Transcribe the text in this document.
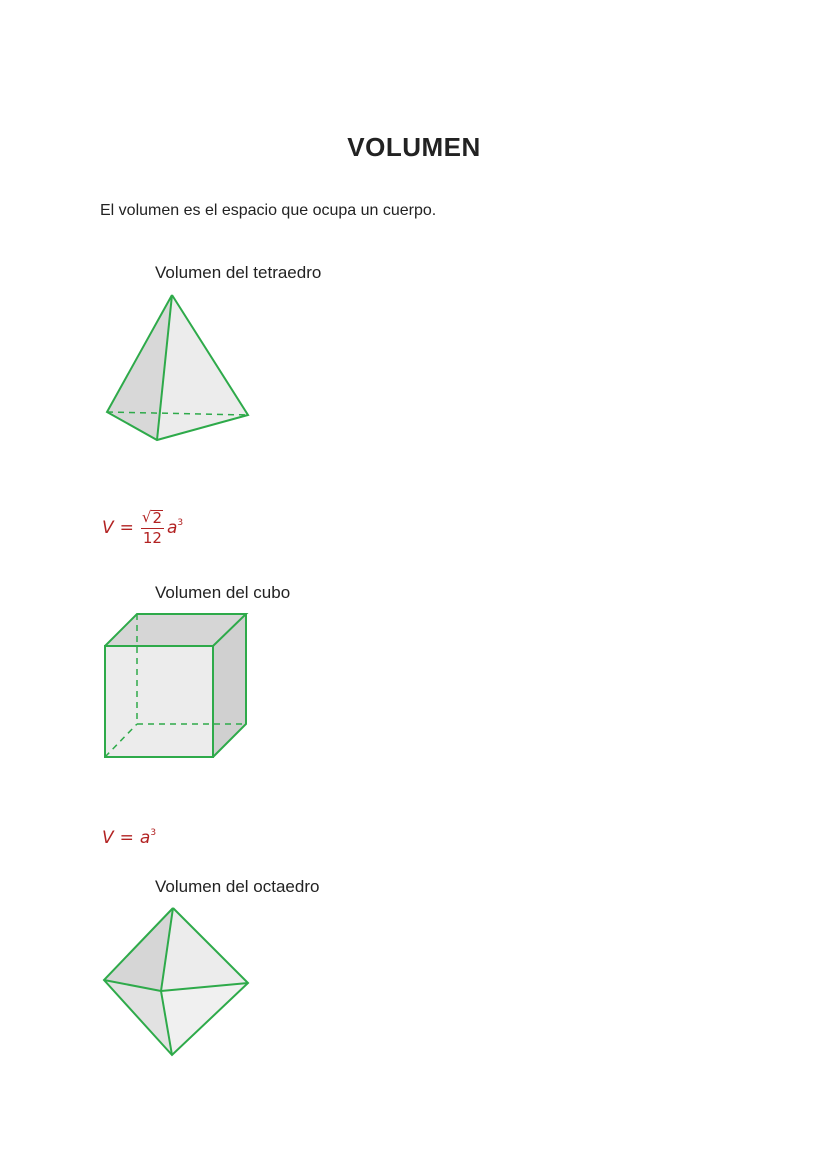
VOLUMEN

El volumen es el espacio que ocupa un cuerpo.

Volumen del tetraedro

$V = \frac{√ 2}{12} a^3$

Volumen del cubo

$V = a^3$

Volumen del octaedro
